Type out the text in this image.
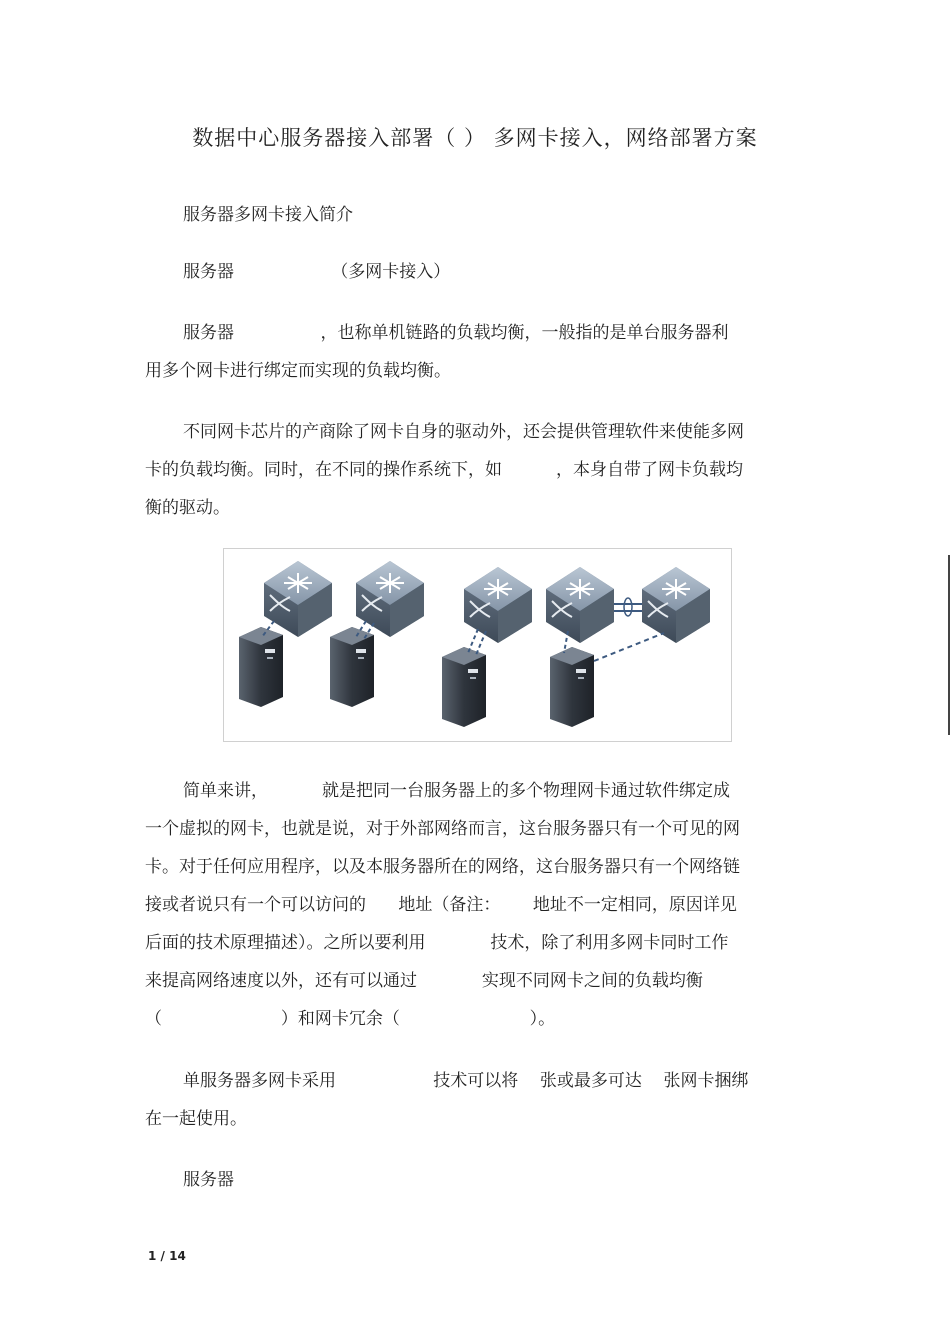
数据中心服务器接入部署（ ） 多网卡接入，网络部署方案

服务器多网卡接入简介

服务器                  （多网卡接入）

服务器                ，也称单机链路的负载均衡，一般指的是单台服务器利
用多个网卡进行绑定而实现的负载均衡。

不同网卡芯片的产商除了网卡自身的驱动外，还会提供管理软件来使能多网
卡的负载均衡。同时，在不同的操作系统下，如          ，本身自带了网卡负载均
衡的驱动。

简单来讲，          就是把同一台服务器上的多个物理网卡通过软件绑定成
一个虚拟的网卡，也就是说，对于外部网络而言，这台服务器只有一个可见的网
卡。对于任何应用程序，以及本服务器所在的网络，这台服务器只有一个网络链
接或者说只有一个可以访问的      地址（备注：      地址不一定相同，原因详见
后面的技术原理描述）。之所以要利用            技术，除了利用多网卡同时工作
来提高网络速度以外，还有可以通过            实现不同网卡之间的负载均衡
（                      ）和网卡冗余（                        ）。

单服务器多网卡采用                  技术可以将    张或最多可达    张网卡捆绑
在一起使用。

服务器

1 / 14
